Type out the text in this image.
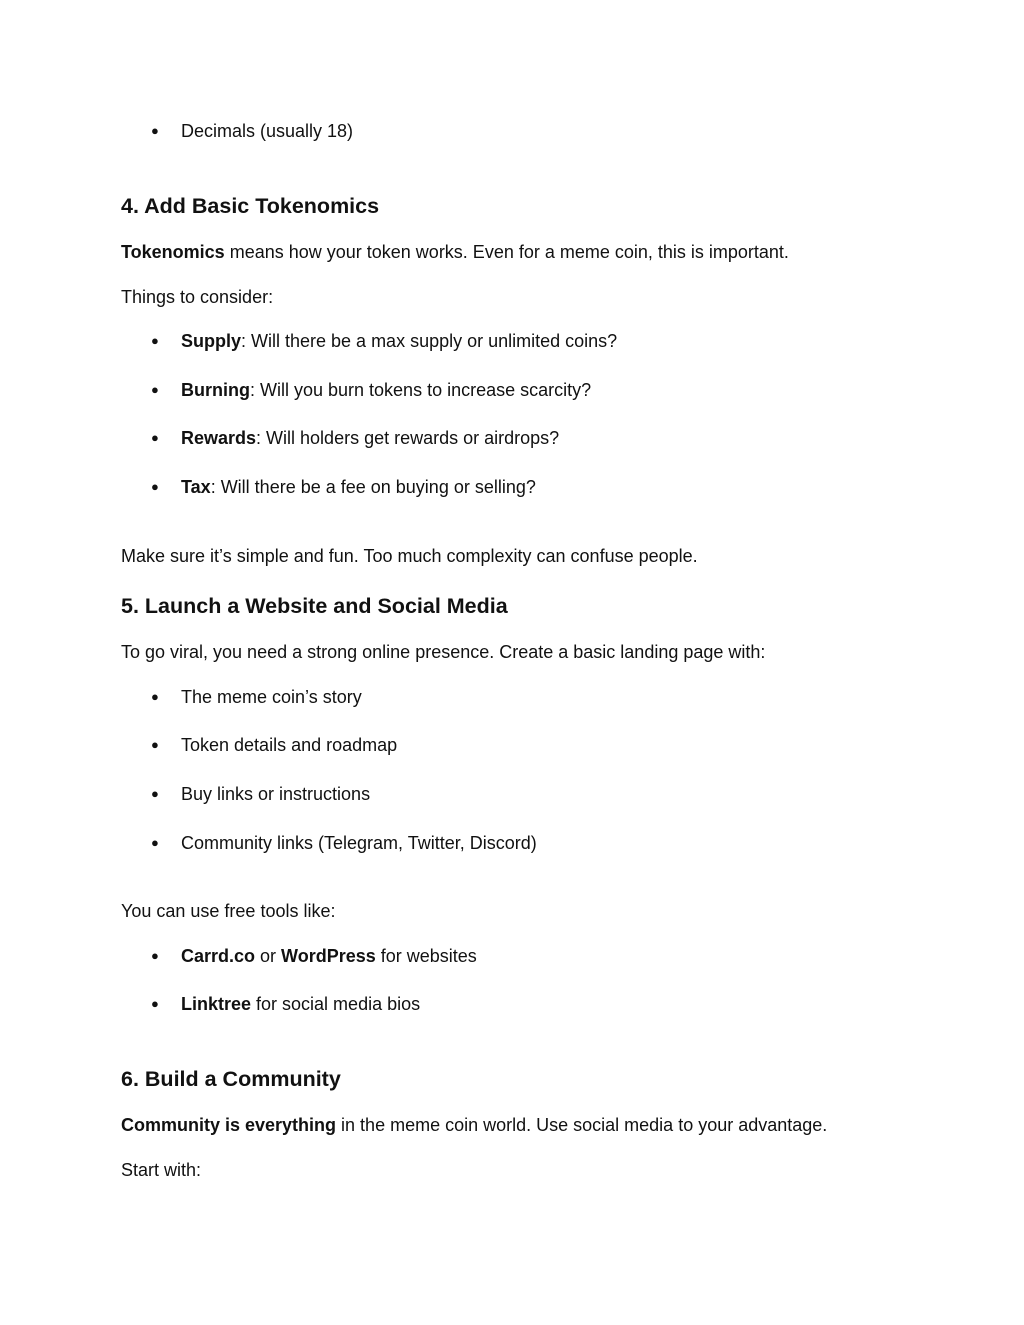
● Decimals (usually 18)
4. Add Basic Tokenomics

Tokenomics means how your token works. Even for a meme coin, this is important.

Things to consider:

● Supply: Will there be a max supply or unlimited coins?
● Burning: Will you burn tokens to increase scarcity?
● Rewards: Will holders get rewards or airdrops?
● Tax: Will there be a fee on buying or selling?

Make sure it’s simple and fun. Too much complexity can confuse people.

5. Launch a Website and Social Media

To go viral, you need a strong online presence. Create a basic landing page with:

● The meme coin’s story
● Token details and roadmap
● Buy links or instructions
● Community links (Telegram, Twitter, Discord)

You can use free tools like:

● Carrd.co or WordPress for websites
● Linktree for social media bios
6. Build a Community

Community is everything in the meme coin world. Use social media to your advantage.

Start with:
